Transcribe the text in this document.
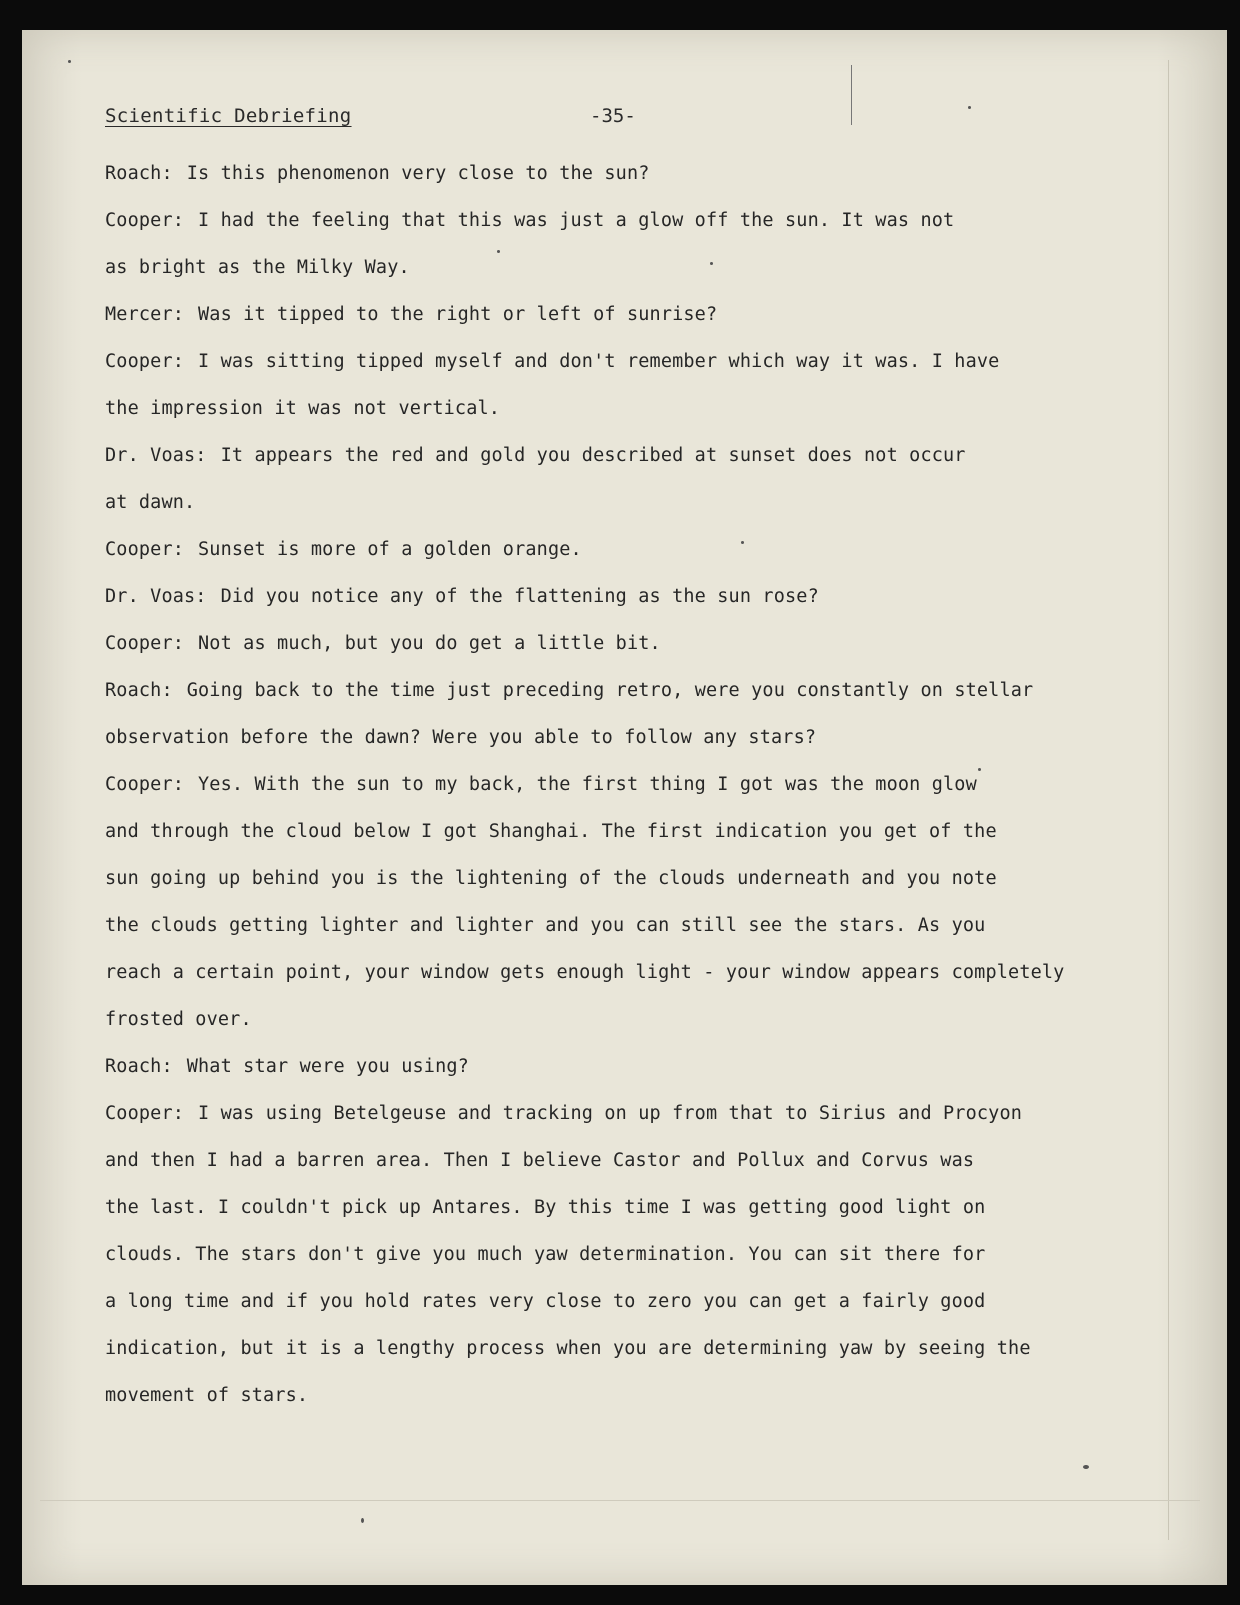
Scientific Debriefing	-35-
Roach: Is this phenomenon very close to the sun?
Cooper: I had the feeling that this was just a glow off the sun. It was not
as bright as the Milky Way.
Mercer: Was it tipped to the right or left of sunrise?
Cooper: I was sitting tipped myself and don't remember which way it was. I have
the impression it was not vertical.
Dr. Voas: It appears the red and gold you described at sunset does not occur
at dawn.
Cooper: Sunset is more of a golden orange.
Dr. Voas: Did you notice any of the flattening as the sun rose?
Cooper: Not as much, but you do get a little bit.
Roach: Going back to the time just preceding retro, were you constantly on stellar
observation before the dawn? Were you able to follow any stars?
Cooper: Yes. With the sun to my back, the first thing I got was the moon glow
and through the cloud below I got Shanghai. The first indication you get of the
sun going up behind you is the lightening of the clouds underneath and you note
the clouds getting lighter and lighter and you can still see the stars. As you
reach a certain point, your window gets enough light - your window appears completely
frosted over.
Roach: What star were you using?
Cooper: I was using Betelgeuse and tracking on up from that to Sirius and Procyon
and then I had a barren area. Then I believe Castor and Pollux and Corvus was
the last. I couldn't pick up Antares. By this time I was getting good light on
clouds. The stars don't give you much yaw determination. You can sit there for
a long time and if you hold rates very close to zero you can get a fairly good
indication, but it is a lengthy process when you are determining yaw by seeing the
movement of stars.
